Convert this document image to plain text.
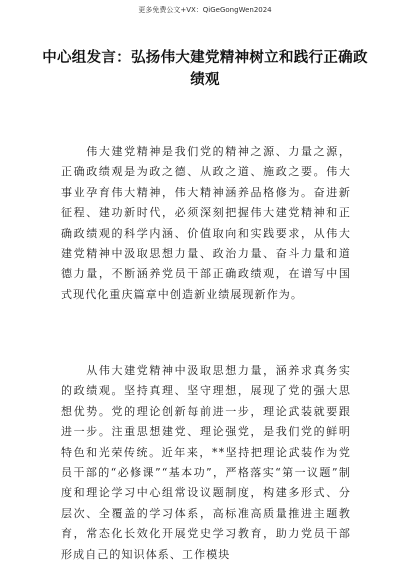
更多免费公文+VX：QiGeGongWen2024
中心组发言：弘扬伟大建党精神树立和践行正确政绩观
　　伟大建党精神是我们党的精神之源、力量之源，正确政绩观是为政之德、从政之道、施政之要。伟大事业孕育伟大精神，伟大精神涵养品格修为。奋进新征程、建功新时代，必须深刻把握伟大建党精神和正确政绩观的科学内涵、价值取向和实践要求，从伟大建党精神中汲取思想力量、政治力量、奋斗力量和道德力量，不断涵养党员干部正确政绩观，在谱写中国式现代化重庆篇章中创造新业绩展现新作为。
　　从伟大建党精神中汲取思想力量，涵养求真务实的政绩观。坚持真理、坚守理想，展现了党的强大思想优势。党的理论创新每前进一步，理论武装就要跟进一步。注重思想建党、理论强党，是我们党的鲜明特色和光荣传统。近年来，**坚持把理论武装作为党员干部的“必修课”“基本功”，严格落实“第一议题”制度和理论学习中心组常设议题制度，构建多形式、分层次、全覆盖的学习体系，高标准高质量推进主题教育，常态化长效化开展党史学习教育，助力党员干部形成自己的知识体系、工作模块
